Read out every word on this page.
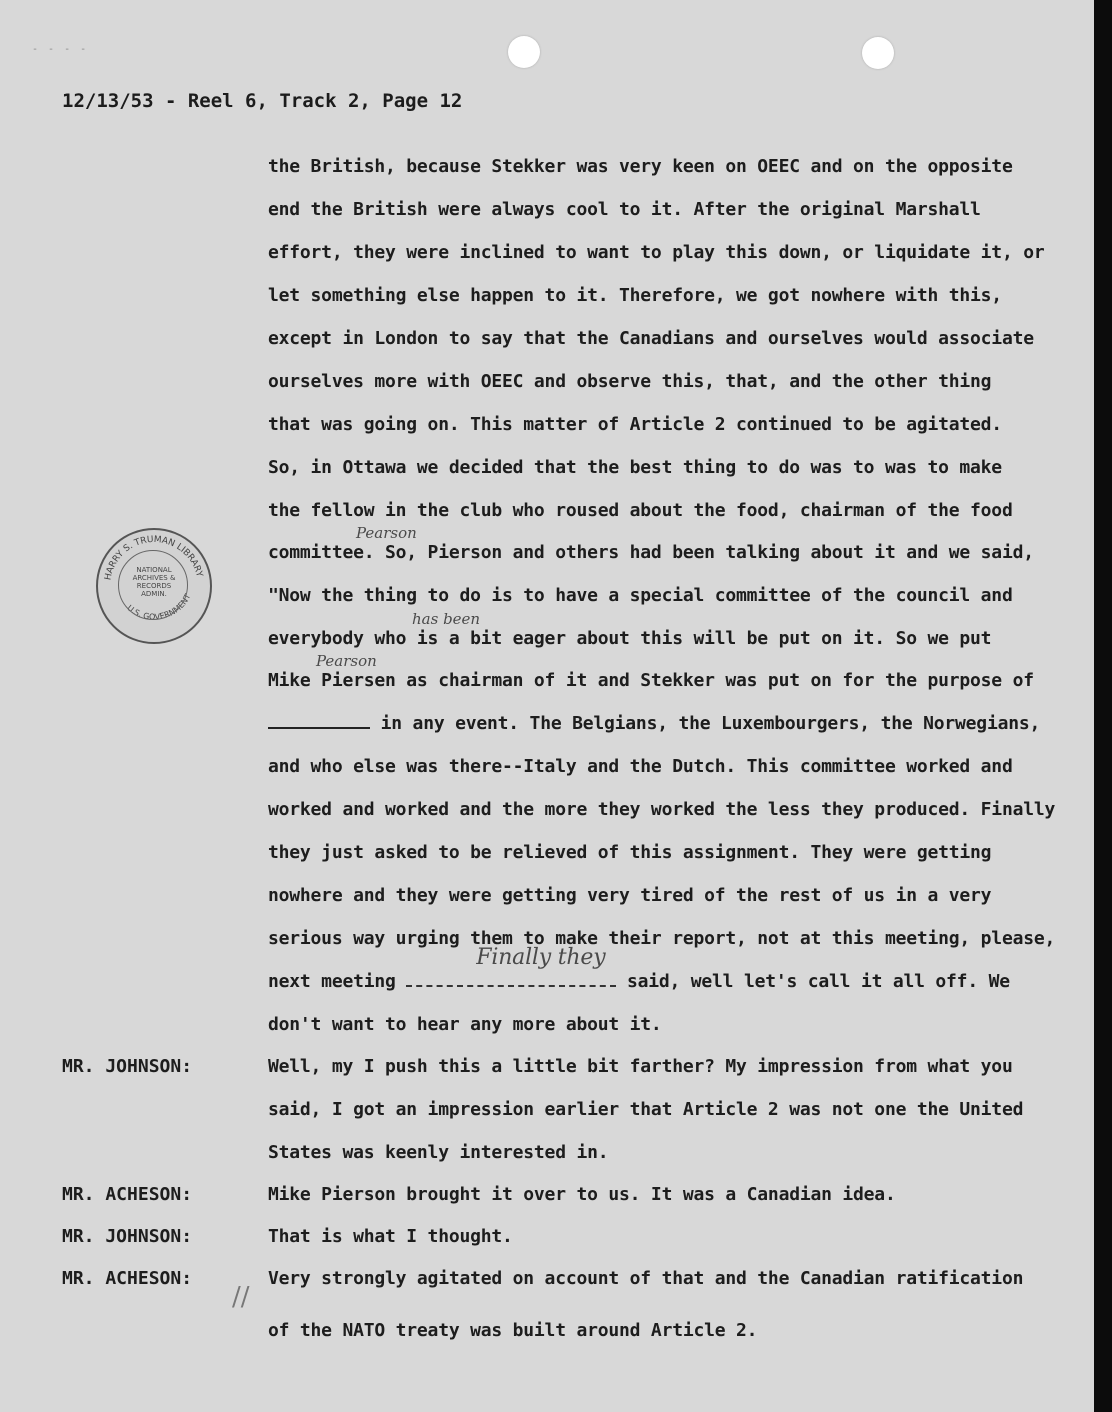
- - - -
12/13/53 - Reel 6, Track 2, Page 12
the British, because Stekker was very keen on OEEC and on the opposite
end the British were always cool to it. After the original Marshall
effort, they were inclined to want to play this down, or liquidate it, or
let something else happen to it. Therefore, we got nowhere with this,
except in London to say that the Canadians and ourselves would associate
ourselves more with OEEC and observe this, that, and the other thing
that was going on. This matter of Article 2 continued to be agitated.
So, in Ottawa we decided that the best thing to do was to was to make
the fellow in the club who roused about the food, chairman of the food
Pearson
committee. So, Pierson and others had been talking about it and we said,
"Now the thing to do is to have a special committee of the council and
has been
everybody who is a bit eager about this will be put on it. So we put
Pearson
Mike Piersen as chairman of it and Stekker was put on for the purpose of
in any event. The Belgians, the Luxembourgers, the Norwegians,
and who else was there--Italy and the Dutch. This committee worked and
worked and worked and the more they worked the less they produced. Finally
they just asked to be relieved of this assignment. They were getting
nowhere and they were getting very tired of the rest of us in a very
serious way urging them to make their report, not at this meeting, please,
next meeting
Finally they
said, well let's call it all off. We
don't want to hear any more about it.
MR. JOHNSON:	Well, my I push this a little bit farther? My impression from what you
said, I got an impression earlier that Article 2 was not one the United
States was keenly interested in.
MR. ACHESON:	Mike Pierson brought it over to us. It was a Canadian idea.
MR. JOHNSON:	That is what I thought.
MR. ACHESON:	Very strongly agitated on account of that and the Canadian ratification
of the NATO treaty was built around Article 2.
//
HARRY S. TRUMAN LIBRARY
U.S. GOVERNMENT
NATIONAL
ARCHIVES &
RECORDS
ADMIN.
